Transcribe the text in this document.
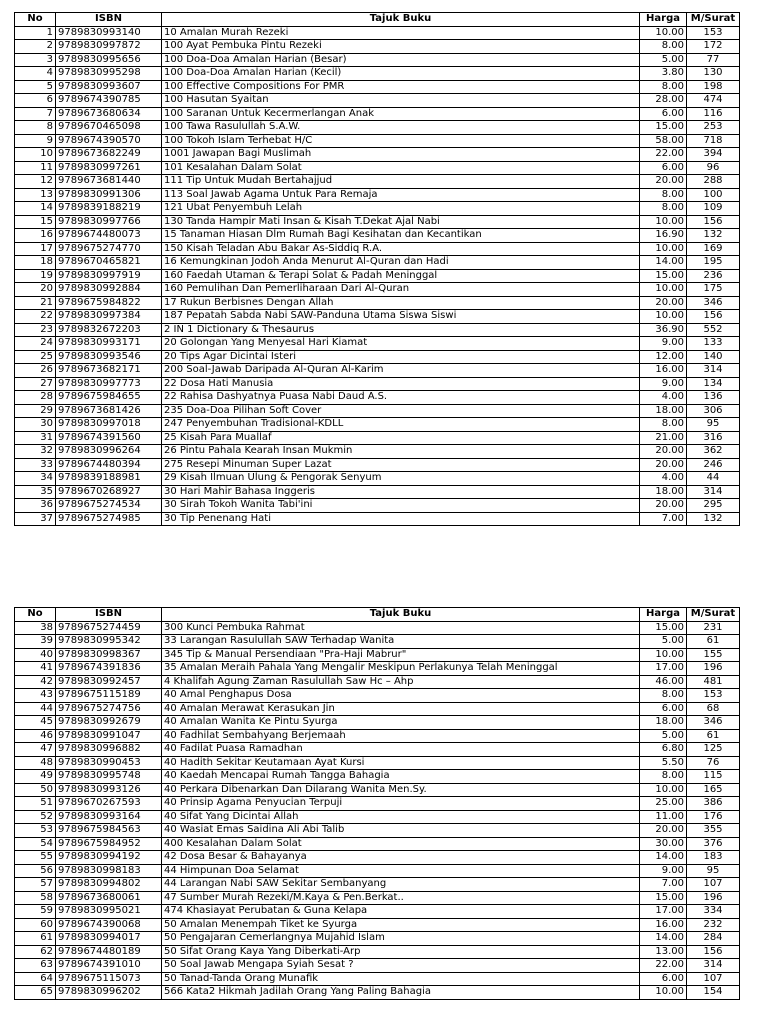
No	ISBN	Tajuk Buku	Harga	M/Surat
1	9789830993140	10 Amalan Murah Rezeki	10.00	153
2	9789830997872	100 Ayat Pembuka Pintu Rezeki	8.00	172
3	9789830995656	100 Doa-Doa Amalan Harian (Besar)	5.00	77
4	9789830995298	100 Doa-Doa Amalan Harian (Kecil)	3.80	130
5	9789830993607	100 Effective Compositions For PMR	8.00	198
6	9789674390785	100 Hasutan Syaitan	28.00	474
7	9789673680634	100 Saranan Untuk Kecermerlangan Anak	6.00	116
8	9789670465098	100 Tawa Rasulullah S.A.W.	15.00	253
9	9789674390570	100 Tokoh Islam Terhebat H/C	58.00	718
10	9789673682249	1001 Jawapan Bagi Muslimah	22.00	394
11	9789830997261	101 Kesalahan Dalam Solat	6.00	96
12	9789673681440	111 Tip Untuk Mudah Bertahajjud	20.00	288
13	9789830991306	113 Soal Jawab Agama Untuk Para Remaja	8.00	100
14	9789839188219	121 Ubat Penyembuh Lelah	8.00	109
15	9789830997766	130 Tanda Hampir Mati Insan & Kisah T.Dekat Ajal Nabi	10.00	156
16	9789674480073	15 Tanaman Hiasan Dlm Rumah Bagi Kesihatan dan Kecantikan	16.90	132
17	9789675274770	150 Kisah Teladan Abu Bakar As-Siddiq R.A.	10.00	169
18	9789670465821	16 Kemungkinan Jodoh Anda Menurut Al-Quran dan Hadi	14.00	195
19	9789830997919	160 Faedah Utaman & Terapi Solat & Padah Meninggal	15.00	236
20	9789830992884	160 Pemulihan Dan Pemerliharaan Dari Al-Quran	10.00	175
21	9789675984822	17 Rukun Berbisnes Dengan Allah	20.00	346
22	9789830997384	187 Pepatah Sabda Nabi SAW-Panduna Utama Siswa Siswi	10.00	156
23	9789832672203	2 IN 1 Dictionary & Thesaurus	36.90	552
24	9789830993171	20 Golongan Yang Menyesal Hari Kiamat	9.00	133
25	9789830993546	20 Tips Agar Dicintai Isteri	12.00	140
26	9789673682171	200 Soal-Jawab Daripada Al-Quran Al-Karim	16.00	314
27	9789830997773	22 Dosa Hati Manusia	9.00	134
28	9789675984655	22 Rahisa Dashyatnya Puasa Nabi Daud A.S.	4.00	136
29	9789673681426	235 Doa-Doa Pilihan Soft Cover	18.00	306
30	9789830997018	247 Penyembuhan Tradisional-KDLL	8.00	95
31	9789674391560	25 Kisah Para Muallaf	21.00	316
32	9789830996264	26 Pintu Pahala Kearah Insan Mukmin	20.00	362
33	9789674480394	275 Resepi Minuman Super Lazat	20.00	246
34	9789839188981	29 Kisah Ilmuan Ulung & Pengorak Senyum	4.00	44
35	9789670268927	30 Hari Mahir Bahasa Inggeris	18.00	314
36	9789675274534	30 Sirah Tokoh Wanita Tabi'ini	20.00	295
37	9789675274985	30 Tip Penenang Hati	7.00	132
No	ISBN	Tajuk Buku	Harga	M/Surat
38	9789675274459	300 Kunci Pembuka Rahmat	15.00	231
39	9789830995342	33 Larangan Rasulullah SAW Terhadap Wanita	5.00	61
40	9789830998367	345 Tip & Manual Persendiaan "Pra-Haji Mabrur"	10.00	155
41	9789674391836	35 Amalan Meraih Pahala Yang Mengalir Meskipun Perlakunya Telah Meninggal	17.00	196
42	9789830992457	4 Khalifah Agung Zaman Rasulullah Saw Hc – Ahp	46.00	481
43	9789675115189	40 Amal Penghapus Dosa	8.00	153
44	9789675274756	40 Amalan Merawat Kerasukan Jin	6.00	68
45	9789830992679	40 Amalan Wanita Ke Pintu Syurga	18.00	346
46	9789830991047	40 Fadhilat Sembahyang Berjemaah	5.00	61
47	9789830996882	40 Fadilat Puasa Ramadhan	6.80	125
48	9789830990453	40 Hadith Sekitar Keutamaan Ayat Kursi	5.50	76
49	9789830995748	40 Kaedah Mencapai Rumah Tangga Bahagia	8.00	115
50	9789830993126	40 Perkara Dibenarkan Dan Dilarang Wanita Men.Sy.	10.00	165
51	9789670267593	40 Prinsip Agama Penyucian Terpuji	25.00	386
52	9789830993164	40 Sifat Yang Dicintai Allah	11.00	176
53	9789675984563	40 Wasiat Emas Saidina Ali Abi Talib	20.00	355
54	9789675984952	400 Kesalahan Dalam Solat	30.00	376
55	9789830994192	42 Dosa Besar & Bahayanya	14.00	183
56	9789830998183	44 Himpunan Doa Selamat	9.00	95
57	9789830994802	44 Larangan Nabi SAW Sekitar Sembanyang	7.00	107
58	9789673680061	47 Sumber Murah Rezeki/M.Kaya & Pen.Berkat..	15.00	196
59	9789830995021	474 Khasiayat Perubatan & Guna Kelapa	17.00	334
60	9789674390068	50 Amalan Menempah Tiket ke Syurga	16.00	232
61	9789830994017	50 Pengajaran Cemerlangnya Mujahid Islam	14.00	284
62	9789674480189	50 Sifat Orang Kaya Yang Diberkati-Arp	13.00	156
63	9789674391010	50 Soal Jawab Mengapa Syiah Sesat ?	22.00	314
64	9789675115073	50 Tanad-Tanda Orang Munafik	6.00	107
65	9789830996202	566 Kata2 Hikmah Jadilah Orang Yang Paling Bahagia	10.00	154
